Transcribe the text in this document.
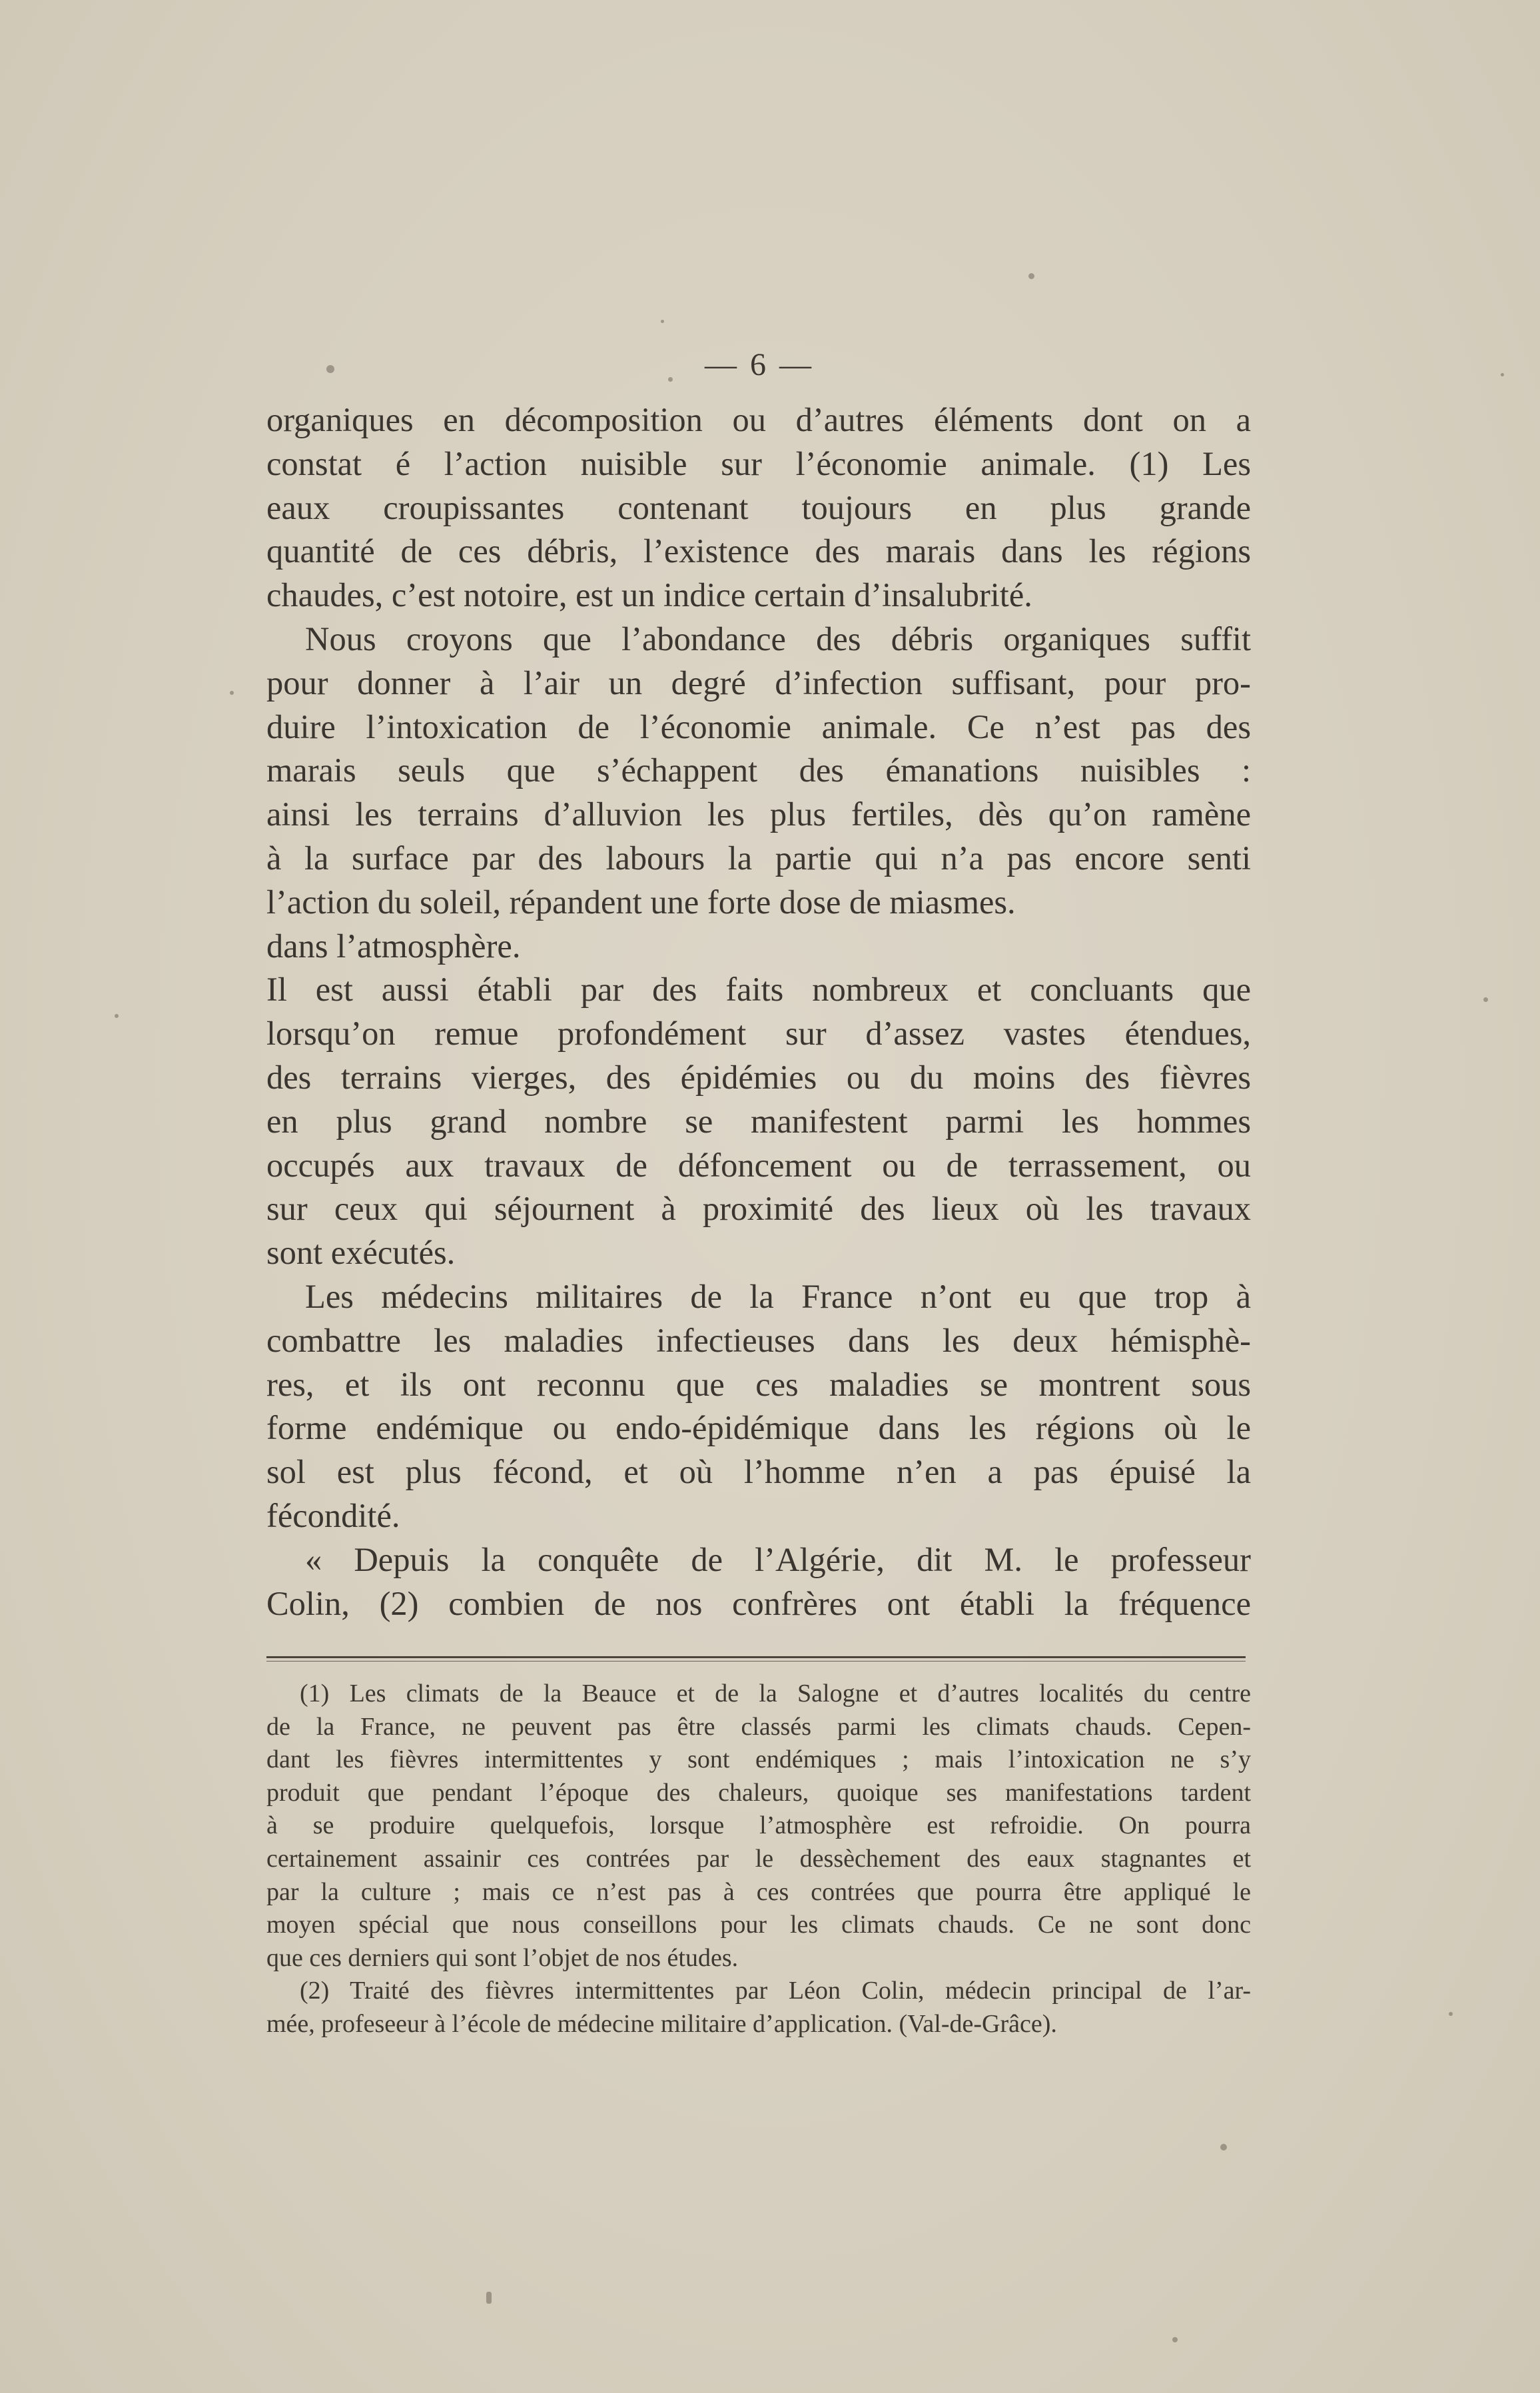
— 6 —
organiques en décomposition ou d’autres éléments dont on a
constat é l’action nuisible sur l’économie animale. (1) Les
eaux croupissantes contenant toujours en plus grande
quantité de ces débris, l’existence des marais dans les régions
chaudes, c’est notoire, est un indice certain d’insalubrité.
Nous croyons que l’abondance des débris organiques suffit
pour donner à l’air un degré d’infection suffisant, pour pro-
duire l’intoxication de l’économie animale. Ce n’est pas des
marais seuls que s’échappent des émanations nuisibles :
ainsi les terrains d’alluvion les plus fertiles, dès qu’on ramène
à la surface par des labours la partie qui n’a pas encore senti
l’action du soleil, répandent une forte dose de miasmes.
dans l’atmosphère.
Il est aussi établi par des faits nombreux et concluants que
lorsqu’on remue profondément sur d’assez vastes étendues,
des terrains vierges, des épidémies ou du moins des fièvres
en plus grand nombre se manifestent parmi les hommes
occupés aux travaux de défoncement ou de terrassement, ou
sur ceux qui séjournent à proximité des lieux où les travaux
sont exécutés.
Les médecins militaires de la France n’ont eu que trop à
combattre les maladies infectieuses dans les deux hémisphè-
res, et ils ont reconnu que ces maladies se montrent sous
forme endémique ou endo-épidémique dans les régions où le
sol est plus fécond, et où l’homme n’en a pas épuisé la
fécondité.
« Depuis la conquête de l’Algérie, dit M. le professeur
Colin, (2) combien de nos confrères ont établi la fréquence
(1) Les climats de la Beauce et de la Salogne et d’autres localités du centre
de la France, ne peuvent pas être classés parmi les climats chauds. Cepen-
dant les fièvres intermittentes y sont endémiques ; mais l’intoxication ne s’y
produit que pendant l’époque des chaleurs, quoique ses manifestations tardent
à se produire quelquefois, lorsque l’atmosphère est refroidie. On pourra
certainement assainir ces contrées par le dessèchement des eaux stagnantes et
par la culture ; mais ce n’est pas à ces contrées que pourra être appliqué le
moyen spécial que nous conseillons pour les climats chauds. Ce ne sont donc
que ces derniers qui sont l’objet de nos études.
(2) Traité des fièvres intermittentes par Léon Colin, médecin principal de l’ar-
mée, profeseeur à l’école de médecine militaire d’application. (Val-de-Grâce).
